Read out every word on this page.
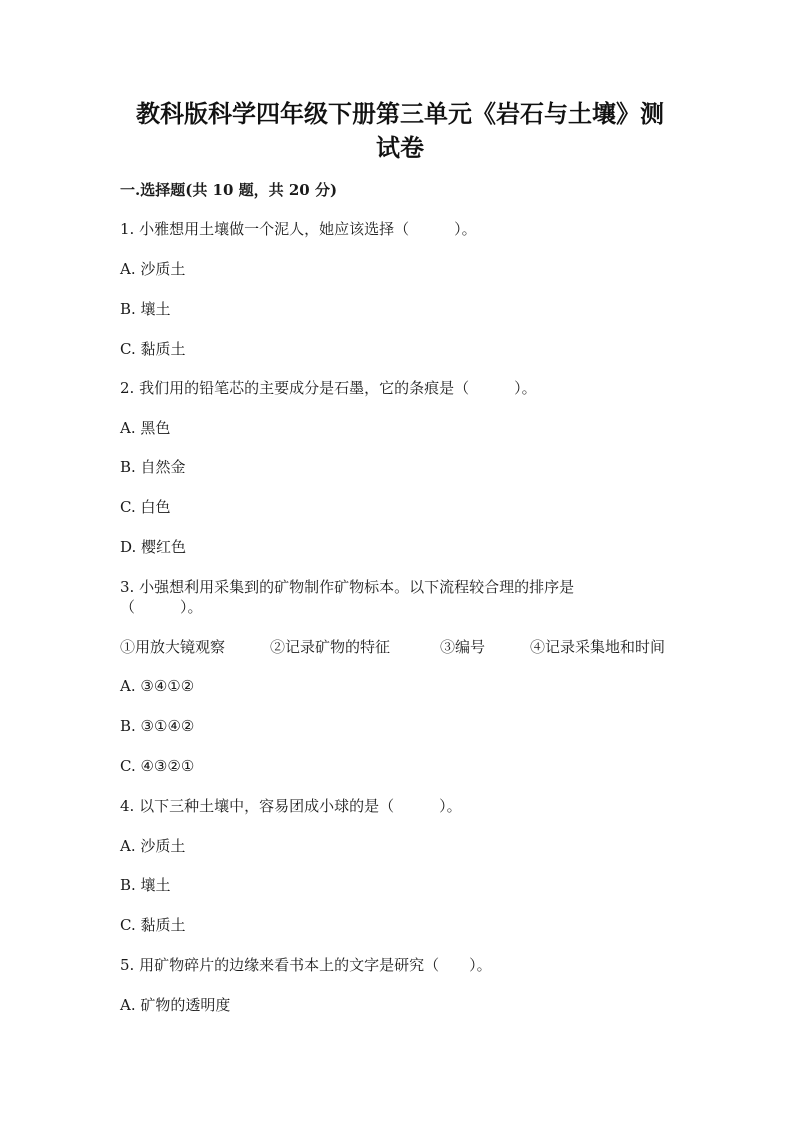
教科版科学四年级下册第三单元《岩石与土壤》测
试卷
一.选择题(共 10 题，共 20 分)
1. 小雅想用土壤做一个泥人，她应该选择（　　　）。
A. 沙质土
B. 壤土
C. 黏质土
2. 我们用的铅笔芯的主要成分是石墨，它的条痕是（　　　）。
A. 黑色
B. 自然金
C. 白色
D. 樱红色
3. 小强想利用采集到的矿物制作矿物标本。以下流程较合理的排序是
（　　　）。
①用放大镜观察	②记录矿物的特征	③编号	④记录采集地和时间
A. ③④①②
B. ③①④②
C. ④③②①
4. 以下三种土壤中，容易团成小球的是（　　　）。
A. 沙质土
B. 壤土
C. 黏质土
5. 用矿物碎片的边缘来看书本上的文字是研究（　　）。
A. 矿物的透明度
